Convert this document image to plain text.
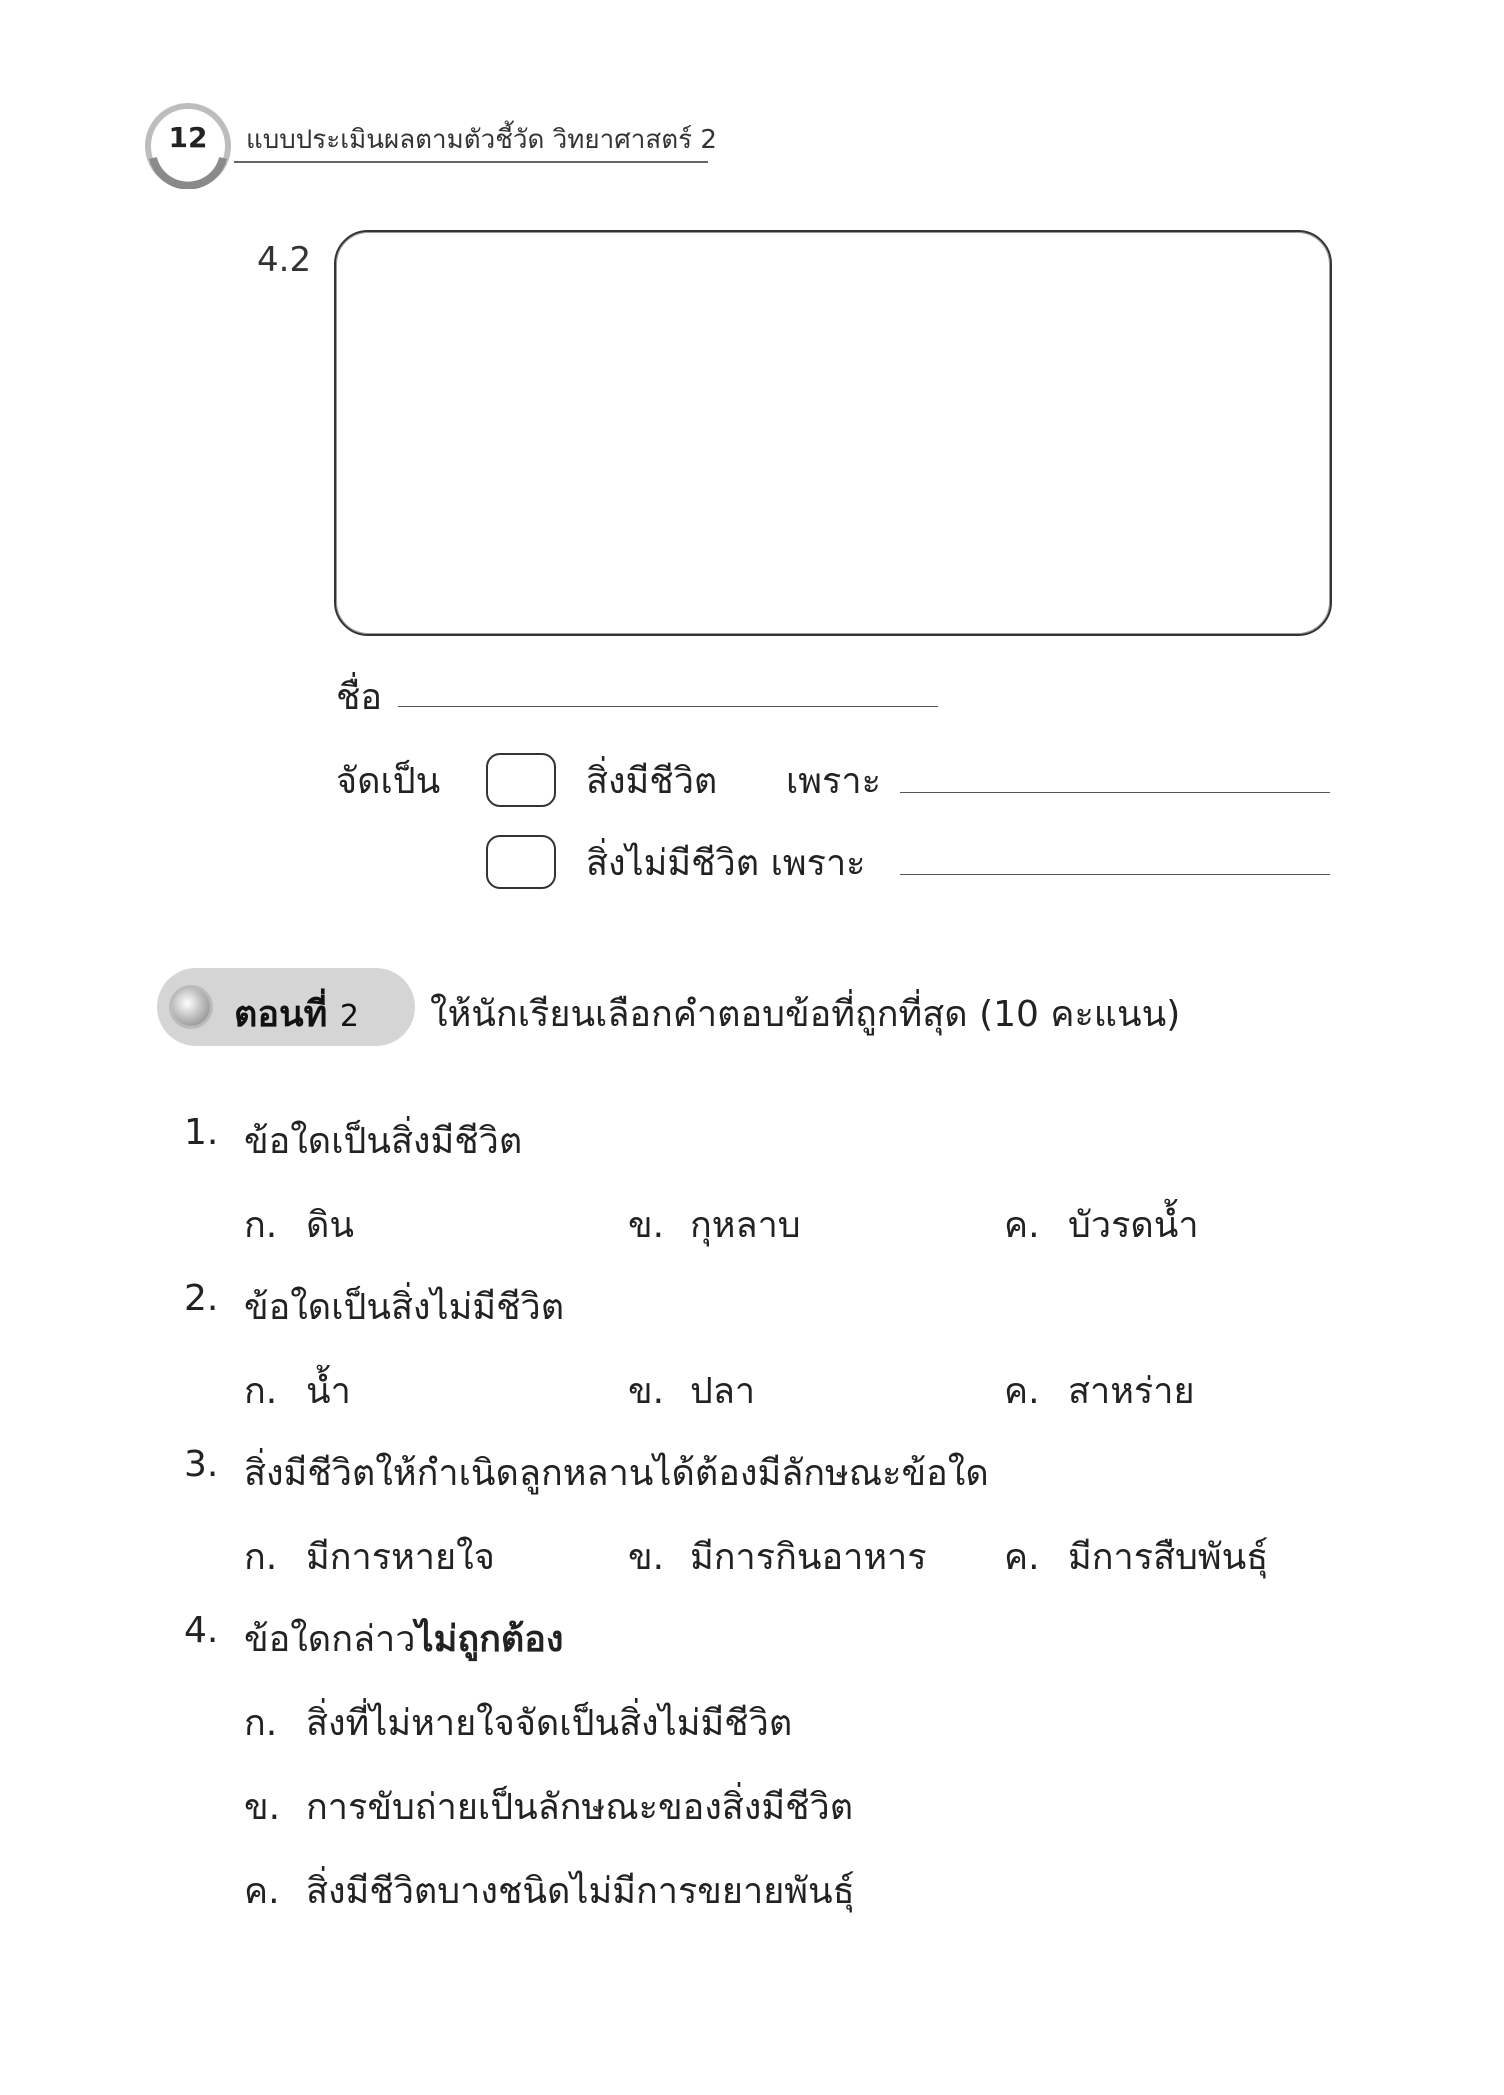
12	แบบประเมินผลตามตัวชี้วัด วิทยาศาสตร์ 2
4.2
ชื่อ
จัดเป็น	สิ่งมีชีวิต เพราะ
สิ่งไม่มีชีวิต เพราะ
ตอนที่ 2 ให้นักเรียนเลือกคำตอบข้อที่ถูกที่สุด (10 คะแนน)
1. ข้อใดเป็นสิ่งมีชีวิต
ก. ดิน	ข. กุหลาบ	ค. บัวรดน้ำ
2. ข้อใดเป็นสิ่งไม่มีชีวิต
ก. น้ำ	ข. ปลา	ค. สาหร่าย
3. สิ่งมีชีวิตให้กำเนิดลูกหลานได้ต้องมีลักษณะข้อใด
ก. มีการหายใจ	ข. มีการกินอาหาร ค. มีการสืบพันธุ์
4. ข้อใดกล่าวไม่ถูกต้อง
ก. สิ่งที่ไม่หายใจจัดเป็นสิ่งไม่มีชีวิต
ข. การขับถ่ายเป็นลักษณะของสิ่งมีชีวิต
ค. สิ่งมีชีวิตบางชนิดไม่มีการขยายพันธุ์
